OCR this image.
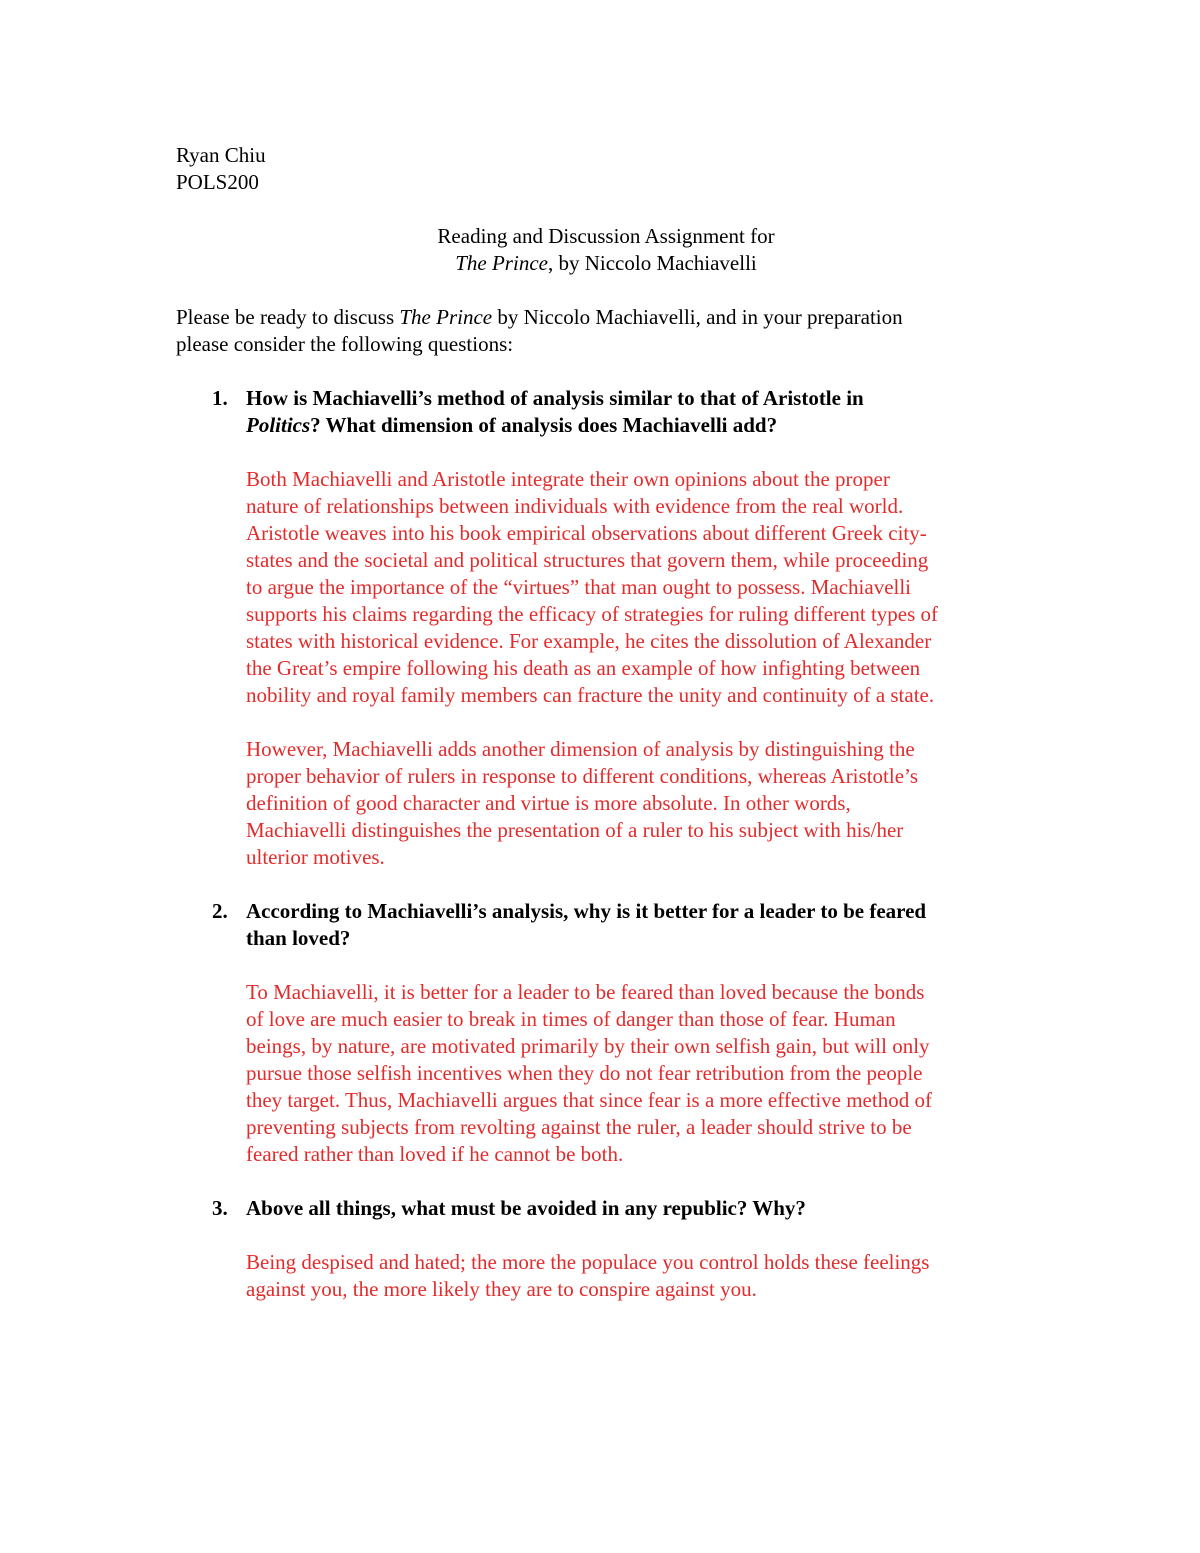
Ryan Chiu
POLS200
Reading and Discussion Assignment for
The Prince, by Niccolo Machiavelli
Please be ready to discuss The Prince by Niccolo Machiavelli, and in your preparation
please consider the following questions:
1. How is Machiavelli’s method of analysis similar to that of Aristotle in
Politics? What dimension of analysis does Machiavelli add?
Both Machiavelli and Aristotle integrate their own opinions about the proper
nature of relationships between individuals with evidence from the real world.
Aristotle weaves into his book empirical observations about different Greek city-
states and the societal and political structures that govern them, while proceeding
to argue the importance of the “virtues” that man ought to possess. Machiavelli
supports his claims regarding the efficacy of strategies for ruling different types of
states with historical evidence. For example, he cites the dissolution of Alexander
the Great’s empire following his death as an example of how infighting between
nobility and royal family members can fracture the unity and continuity of a state.
However, Machiavelli adds another dimension of analysis by distinguishing the
proper behavior of rulers in response to different conditions, whereas Aristotle’s
definition of good character and virtue is more absolute. In other words,
Machiavelli distinguishes the presentation of a ruler to his subject with his/her
ulterior motives.
2. According to Machiavelli’s analysis, why is it better for a leader to be feared
than loved?
To Machiavelli, it is better for a leader to be feared than loved because the bonds
of love are much easier to break in times of danger than those of fear. Human
beings, by nature, are motivated primarily by their own selfish gain, but will only
pursue those selfish incentives when they do not fear retribution from the people
they target. Thus, Machiavelli argues that since fear is a more effective method of
preventing subjects from revolting against the ruler, a leader should strive to be
feared rather than loved if he cannot be both.
3. Above all things, what must be avoided in any republic? Why?
Being despised and hated; the more the populace you control holds these feelings
against you, the more likely they are to conspire against you.
